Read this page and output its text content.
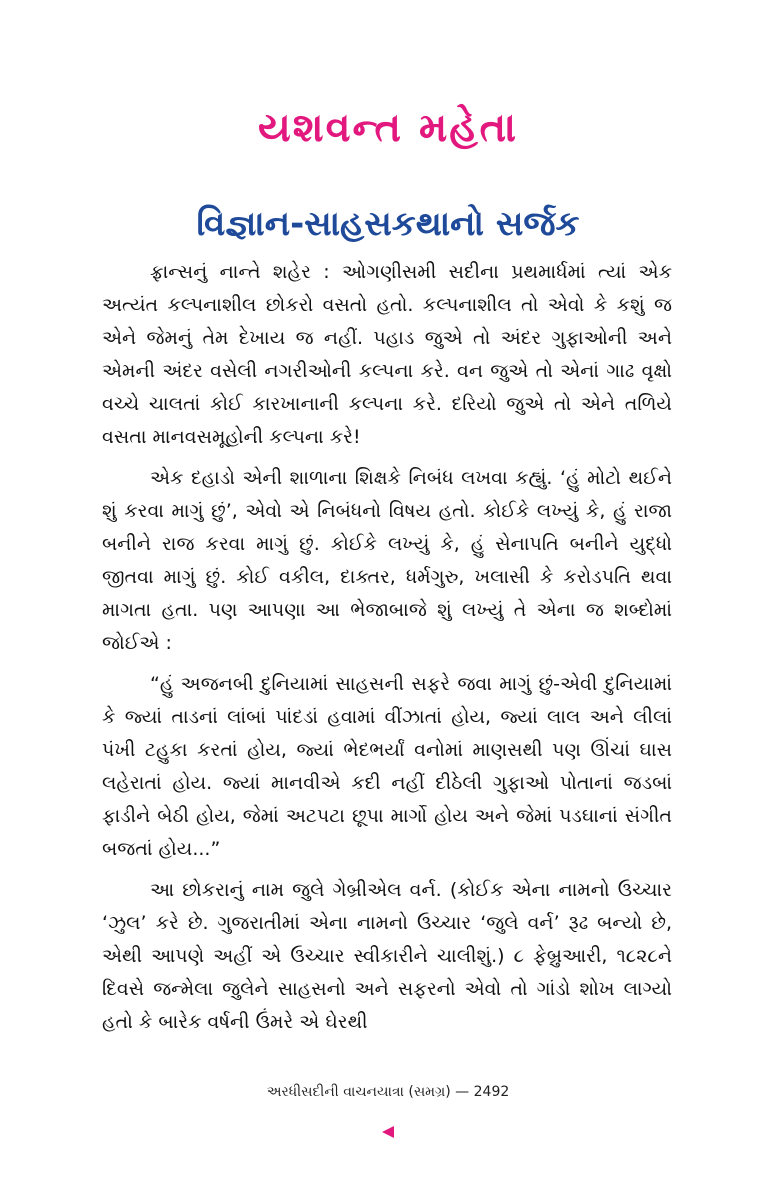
યશવન્ત મહેતા
વિજ્ઞાન-સાહસકથાનો સર્જક

ફ્રાન્સનું નાન્તે શહેર : ઓગણીસમી સદીના પ્રથમાર્ધમાં ત્યાં એક અત્યંત કલ્પનાશીલ છોકરો વસતો હતો. કલ્પનાશીલ તો એવો કે કશું જ એને જેમનું તેમ દેખાય જ નહીં. પહાડ જુએ તો અંદર ગુફાઓની અને એમની અંદર વસેલી નગરીઓની કલ્પના કરે. વન જુએ તો એનાં ગાઢ વૃક્ષો વચ્ચે ચાલતાં કોઈ કારખાનાની કલ્પના કરે. દરિયો જુએ તો એને તળિયે વસતા માનવસમૂહોની કલ્પના કરે!

એક દહાડો એની શાળાના શિક્ષકે નિબંધ લખવા કહ્યું. ‘હું મોટો થઈને શું કરવા માગું છું’, એવો એ નિબંધનો વિષય હતો. કોઈકે લખ્યું કે, હું રાજા બનીને રાજ કરવા માગું છું. કોઈકે લખ્યું કે, હું સેનાપતિ બનીને યુદ્ધો જીતવા માગું છું. કોઈ વકીલ, દાક્તર, ધર્મગુરુ, ખલાસી કે કરોડપતિ થવા માગતા હતા. પણ આપણા આ ભેજાબાજે શું લખ્યું તે એના જ શબ્દોમાં જોઈએ :

“હું અજનબી દુનિયામાં સાહસની સફરે જવા માગું છું-એવી દુનિયામાં કે જ્યાં તાડનાં લાંબાં પાંદડાં હવામાં વીંઝાતાં હોય, જ્યાં લાલ અને લીલાં પંખી ટહુકા કરતાં હોય, જ્યાં ભેદભર્યાં વનોમાં માણસથી પણ ઊંચાં ઘાસ લહેરાતાં હોય. જ્યાં માનવીએ કદી નહીં દીઠેલી ગુફાઓ પોતાનાં જડબાં ફાડીને બેઠી હોય, જેમાં અટપટા છૂપા માર્ગો હોય અને જેમાં પડઘાનાં સંગીત બજતાં હોય...”

આ છોકરાનું નામ જુલે ગેબ્રીએલ વર્ન. (કોઈક એના નામનો ઉચ્ચાર ‘ઝુલ’ કરે છે. ગુજરાતીમાં એના નામનો ઉચ્ચાર ‘જુલે વર્ન’ રૂઢ બન્યો છે, એથી આપણે અહીં એ ઉચ્ચાર સ્વીકારીને ચાલીશું.) ૮ ફેબ્રુઆરી, ૧૮૨૮ને દિવસે જન્મેલા જુલેને સાહસનો અને સફરનો એવો તો ગાંડો શોખ લાગ્યો હતો કે બારેક વર્ષની ઉંમરે એ ઘેરથી

અરધીસદીની વાચનયાત્રા (સમગ્ર) — 2492
